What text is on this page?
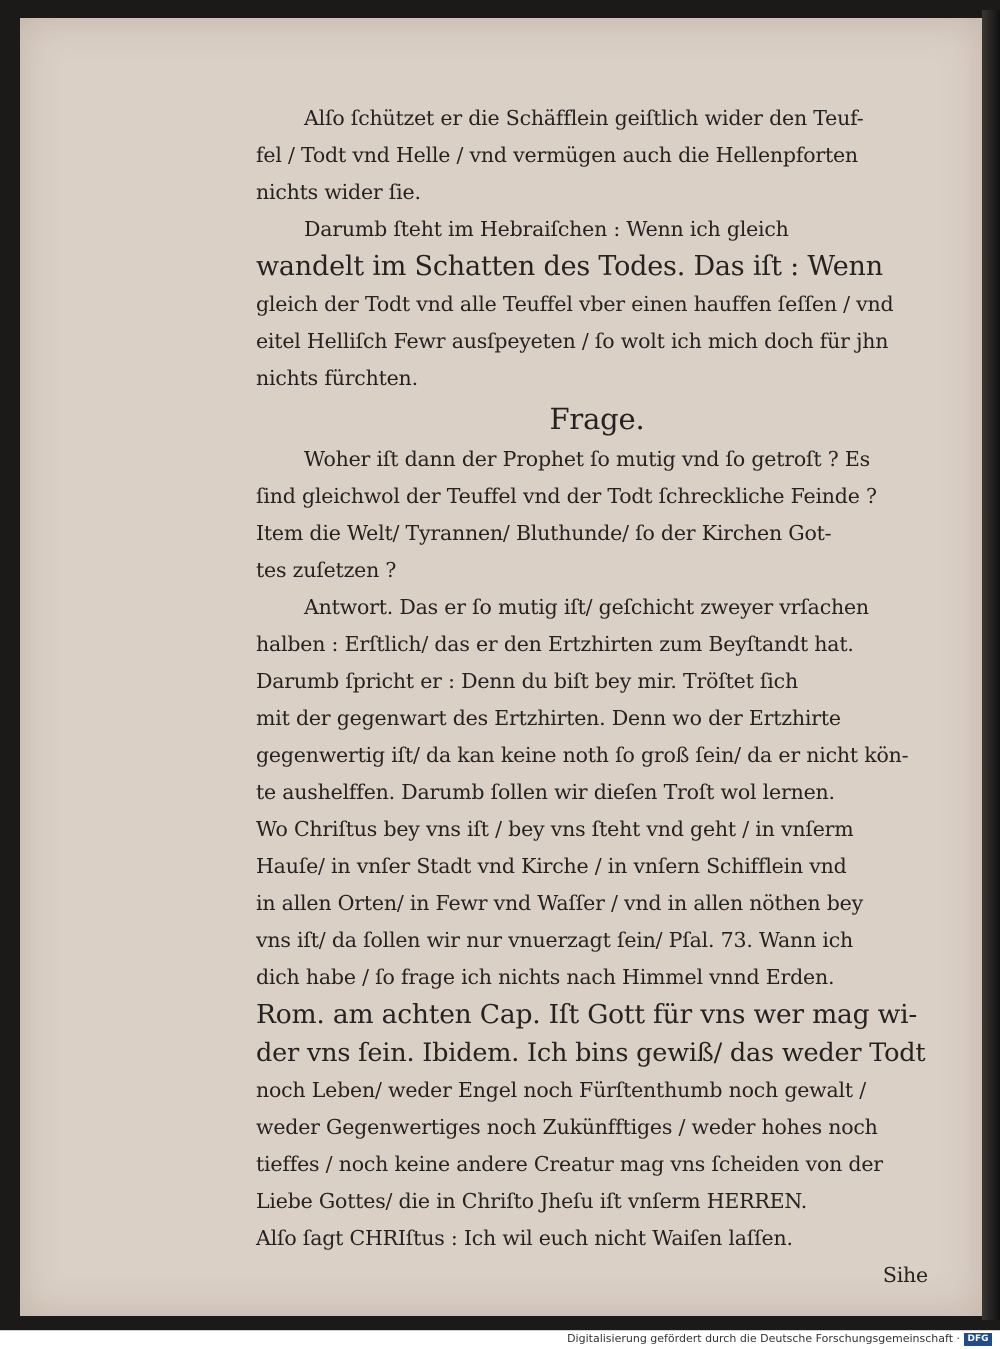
Alſo ſchützet er die Schäfflein geiſtlich wider den Teuf-
fel / Todt vnd Helle / vnd vermügen auch die Hellenpforten
nichts wider ſie.
Darumb ſteht im Hebraiſchen : Wenn ich gleich
wandelt im Schatten des Todes. Das iſt : Wenn
gleich der Todt vnd alle Teuffel vber einen hauffen ſeſſen / vnd
eitel Helliſch Fewr ausſpeyeten / ſo wolt ich mich doch für jhn
nichts fürchten.
Frage.
Woher iſt dann der Prophet ſo mutig vnd ſo getroſt ? Es
ſind gleichwol der Teuffel vnd der Todt ſchreckliche Feinde ?
Item die Welt/ Tyrannen/ Bluthunde/ ſo der Kirchen Got-
tes zuſetzen ?
Antwort. Das er ſo mutig iſt/ geſchicht zweyer vrſachen
halben : Erſtlich/ das er den Ertzhirten zum Beyſtandt hat.
Darumb ſpricht er : Denn du biſt bey mir. Tröſtet ſich
mit der gegenwart des Ertzhirten. Denn wo der Ertzhirte
gegenwertig iſt/ da kan keine noth ſo groß ſein/ da er nicht kön-
te aushelffen. Darumb ſollen wir dieſen Troſt wol lernen.
Wo Chriſtus bey vns iſt / bey vns ſteht vnd geht / in vnſerm
Hauſe/ in vnſer Stadt vnd Kirche / in vnſern Schifflein vnd
in allen Orten/ in Fewr vnd Waſſer / vnd in allen nöthen bey
vns iſt/ da ſollen wir nur vnuerzagt ſein/ Pſal. 73. Wann ich
dich habe / ſo frage ich nichts nach Himmel vnnd Erden.
Rom. am achten Cap. Iſt Gott für vns wer mag wi-
der vns ſein. Ibidem. Ich bins gewiß/ das weder Todt
noch Leben/ weder Engel noch Fürſtenthumb noch gewalt /
weder Gegenwertiges noch Zukünfftiges / weder hohes noch
tieffes / noch keine andere Creatur mag vns ſcheiden von der
Liebe Gottes/ die in Chriſto Jheſu iſt vnſerm HERREN.
Alſo ſagt CHRIſtus : Ich wil euch nicht Waiſen laſſen.
Sihe
Digitalisierung gefördert durch die Deutsche Forschungsgemeinschaft · DFG
